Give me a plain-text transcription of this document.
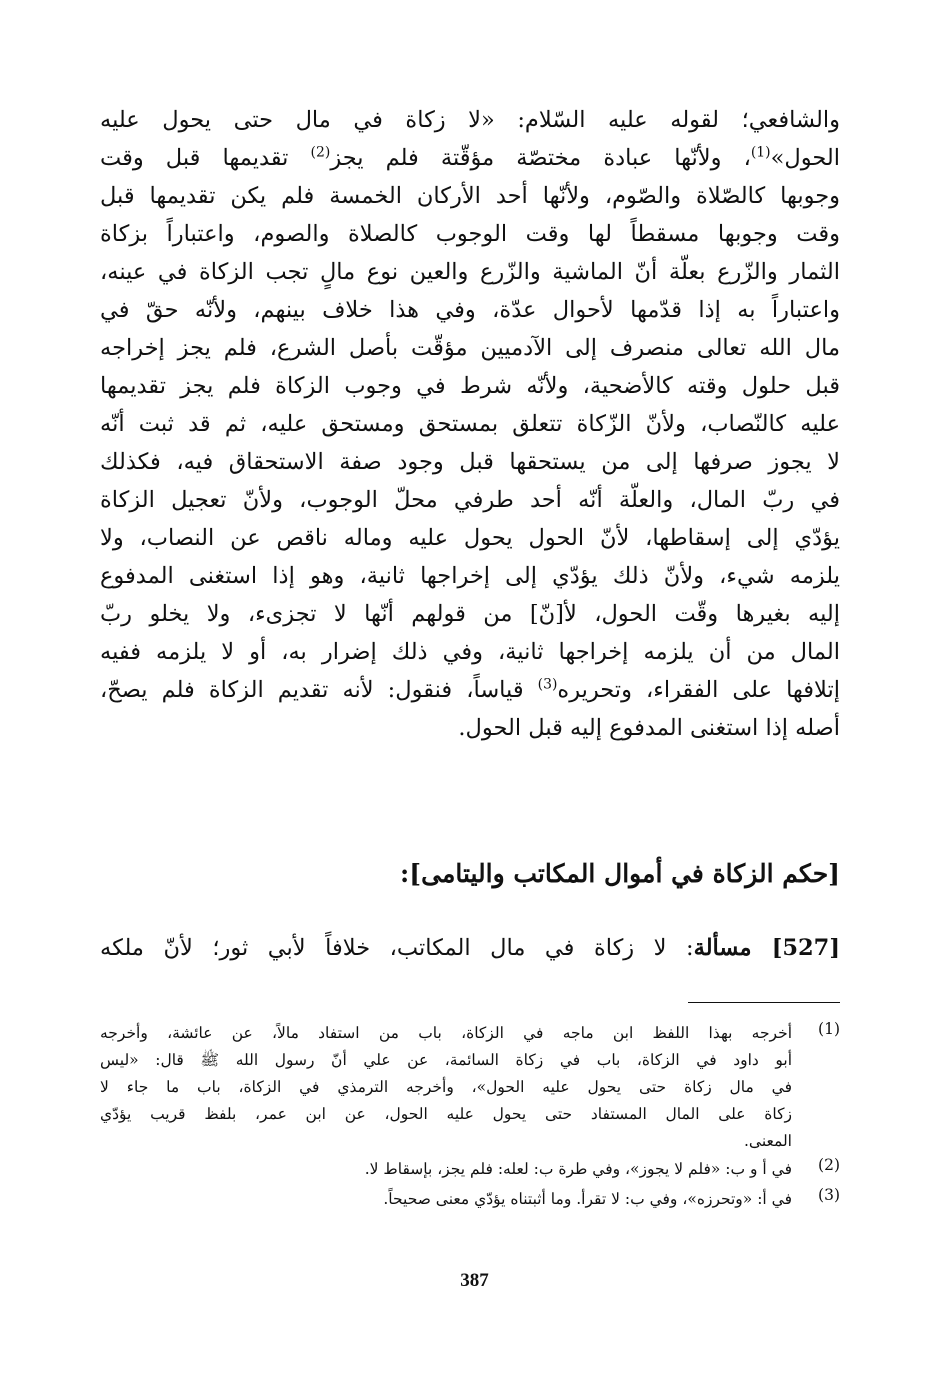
والشافعي؛ لقوله عليه السّلام: «لا زكاة في مال حتى يحول عليه
الحول»$^{(1)}$، ولأنّها عبادة مختصّة مؤقّتة فلم يجز$^{(2)}$ تقديمها قبل وقت
وجوبها كالصّلاة والصّوم، ولأنّها أحد الأركان الخمسة فلم يكن تقديمها قبل
وقت وجوبها مسقطاً لها وقت الوجوب كالصلاة والصوم، واعتباراً بزكاة
الثمار والزّرع بعلّة أنّ الماشية والزّرع والعين نوع مالٍ تجب الزكاة في عينه،
واعتباراً به إذا قدّمها لأحوال عدّة، وفي هذا خلاف بينهم، ولأنّه حقّ في
مال الله تعالى منصرف إلى الآدميين مؤقّت بأصل الشرع، فلم يجز إخراجه
قبل حلول وقته كالأضحية، ولأنّه شرط في وجوب الزكاة فلم يجز تقديمها
عليه كالنّصاب، ولأنّ الزّكاة تتعلق بمستحق ومستحق عليه، ثم قد ثبت أنّه
لا يجوز صرفها إلى من يستحقها قبل وجود صفة الاستحقاق فيه، فكذلك
في ربّ المال، والعلّة أنّه أحد طرفي محلّ الوجوب، ولأنّ تعجيل الزكاة
يؤدّي إلى إسقاطها، لأنّ الحول يحول عليه وماله ناقص عن النصاب، ولا
يلزمه شيء، ولأنّ ذلك يؤدّي إلى إخراجها ثانية، وهو إذا استغنى المدفوع
إليه بغيرها وقّت الحول، لأ[نّ] من قولهم أنّها لا تجزىء، ولا يخلو ربّ
المال من أن يلزمه إخراجها ثانية، وفي ذلك إضرار به، أو لا يلزمه ففيه
إتلافها على الفقراء، وتحريره$^{(3)}$ قياساً، فنقول: لأنه تقديم الزكاة فلم يصحّ،
أصله إذا استغنى المدفوع إليه قبل الحول.
[حكم الزكاة في أموال المكاتب واليتامى]:
[527] مسألة: لا زكاة في مال المكاتب، خلافاً لأبي ثور؛ لأنّ ملكه
(1)
أخرجه بهذا اللفظ ابن ماجه في الزكاة، باب من استفاد مالاً، عن عائشة، وأخرجه
أبو داود في الزكاة، باب في زكاة السائمة، عن علي أنّ رسول الله ﷺ قال: «ليس
في مال زكاة حتى يحول عليه الحول»، وأخرجه الترمذي في الزكاة، باب ما جاء لا
زكاة على المال المستفاد حتى يحول عليه الحول، عن ابن عمر، بلفظ قريب يؤدّي
المعنى.
(2)
في أ و ب: «فلم لا يجوز»، وفي طرة ب: لعله: فلم يجز، بإسقاط لا.
(3)
في أ: «وتحرزه»، وفي ب: لا تقرأ. وما أثبتناه يؤدّي معنى صحيحاً.
387
